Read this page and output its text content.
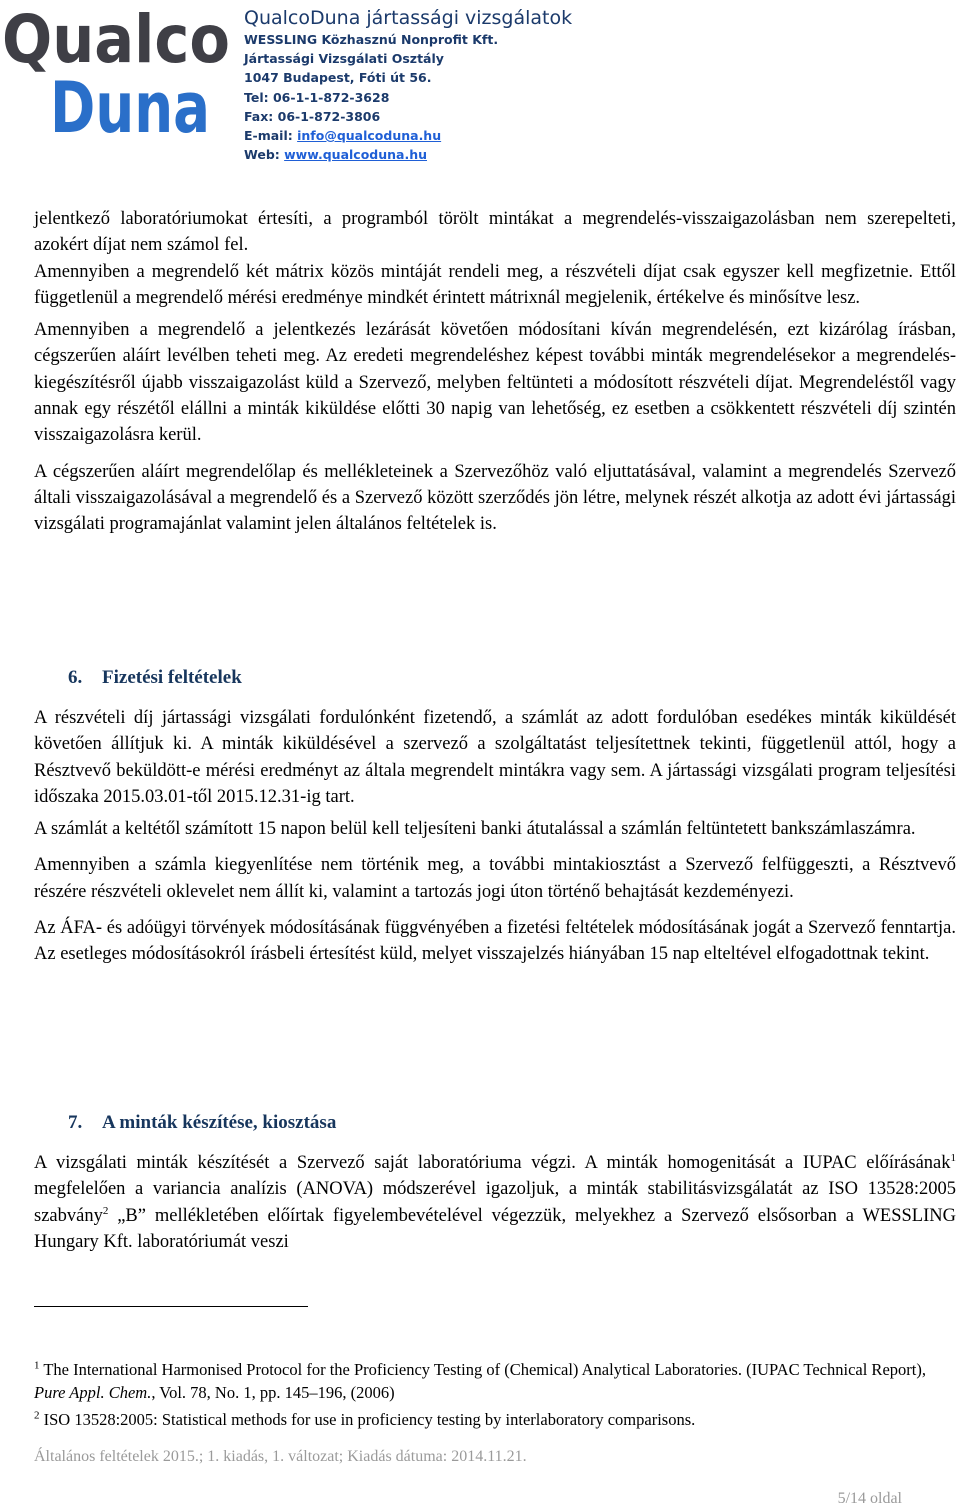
Qualco
Duna
QualcoDuna jártassági vizsgálatok
WESSLING Közhasznú Nonprofit Kft.
Jártassági Vizsgálati Osztály
1047 Budapest, Fóti út 56.
Tel: 06-1-1-872-3628
Fax: 06-1-872-3806
E-mail: info@qualcoduna.hu
Web: www.qualcoduna.hu

jelentkező laboratóriumokat értesíti, a programból törölt mintákat a megrendelés-visszaigazolásban nem szerepelteti, azokért díjat nem számol fel.

Amennyiben a megrendelő két mátrix közös mintáját rendeli meg, a részvételi díjat csak egyszer kell megfizetnie. Ettől függetlenül a megrendelő mérési eredménye mindkét érintett mátrixnál megjelenik, értékelve és minősítve lesz.

Amennyiben a megrendelő a jelentkezés lezárását követően módosítani kíván megrendelésén, ezt kizárólag írásban, cégszerűen aláírt levélben teheti meg. Az eredeti megrendeléshez képest további minták megrendelésekor a megrendelés-kiegészítésről újabb visszaigazolást küld a Szervező, melyben feltünteti a módosított részvételi díjat. Megrendeléstől vagy annak egy részétől elállni a minták kiküldése előtti 30 napig van lehetőség, ez esetben a csökkentett részvételi díj szintén visszaigazolásra kerül.

A cégszerűen aláírt megrendelőlap és mellékleteinek a Szervezőhöz való eljuttatásával, valamint a megrendelés Szervező általi visszaigazolásával a megrendelő és a Szervező között szerződés jön létre, melynek részét alkotja az adott évi jártassági vizsgálati programajánlat valamint jelen általános feltételek is.

6. Fizetési feltételek

A részvételi díj jártassági vizsgálati fordulónként fizetendő, a számlát az adott fordulóban esedékes minták kiküldését követően állítjuk ki. A minták kiküldésével a szervező a szolgáltatást teljesítettnek tekinti, függetlenül attól, hogy a Résztvevő beküldött-e mérési eredményt az általa megrendelt mintákra vagy sem. A jártassági vizsgálati program teljesítési időszaka 2015.03.01-től 2015.12.31-ig tart.

A számlát a keltétől számított 15 napon belül kell teljesíteni banki átutalással a számlán feltüntetett bankszámlaszámra.

Amennyiben a számla kiegyenlítése nem történik meg, a további mintakiosztást a Szervező felfüggeszti, a Résztvevő részére részvételi oklevelet nem állít ki, valamint a tartozás jogi úton történő behajtását kezdeményezi.

Az ÁFA- és adóügyi törvények módosításának függvényében a fizetési feltételek módosításának jogát a Szervező fenntartja. Az esetleges módosításokról írásbeli értesítést küld, melyet visszajelzés hiányában 15 nap elteltével elfogadottnak tekint.

7. A minták készítése, kiosztása

A vizsgálati minták készítését a Szervező saját laboratóriuma végzi. A minták homogenitását a IUPAC előírásának$^1$ megfelelően a variancia analízis (ANOVA) módszerével igazoljuk, a minták stabilitásvizsgálatát az ISO 13528:2005 szabvány$^2$ „B” mellékletében előírtak figyelembevételével végezzük, melyekhez a Szervező elsősorban a WESSLING Hungary Kft. laboratóriumát veszi

$^1$ The International Harmonised Protocol for the Proficiency Testing of (Chemical) Analytical Laboratories. (IUPAC Technical Report), Pure Appl. Chem., Vol. 78, No. 1, pp. 145–196, (2006)

$^2$ ISO 13528:2005: Statistical methods for use in proficiency testing by interlaboratory comparisons.

Általános feltételek 2015.; 1. kiadás, 1. változat; Kiadás dátuma: 2014.11.21.
5/14 oldal
